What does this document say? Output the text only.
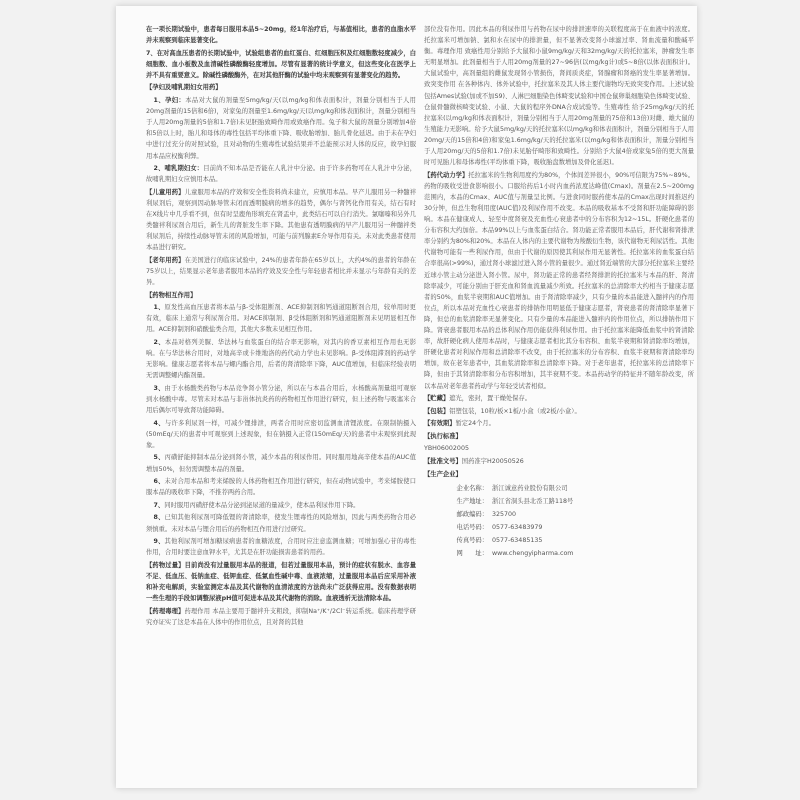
在一项长期试验中，患者每日服用本品5~20mg，经1年治疗后，与基值相比，患者的血脂水平并未观察到临床显著变化。

7、在对高血压患者的长期试验中，试验组患者的血红蛋白、红细胞压积及红细胞数轻度减少，白细胞数、血小板数及血清碱性磷酸酶轻度增加。尽管有显著的统计学意义，但这些变化在医学上并不具有重要意义。除碱性磷酸酶外，在对其他肝酶的试验中均未观察到有显著变化的趋势。

【孕妇及哺乳期妇女用药】

1、孕妇：本品对大鼠的剂量至5mg/kg/天(以mg/kg和体表面积计，剂量分别相当于人用20mg剂量的15倍和6倍)，对家兔的剂量至1.6mg/kg/天(以mg/kg和体表面积计，剂量分别相当于人用20mg剂量的5倍和1.7倍)未见胚胎致畸作用或致癌作用。兔子和大鼠的剂量分别增加4倍和5倍以上时，胎儿和母体的毒性包括平均体重下降、吸收胎增加、胎儿骨化延迟。由于未在孕妇中进行过充分的对照试验，且对动物的生殖毒性试验结果并不总能预示对人体的反应，故孕妇服用本品应权衡利弊。

2、哺乳期妇女：目前尚不知本品是否能在人乳汁中分泌。由于许多药物可在人乳汁中分泌，故哺乳期妇女应慎用本品。

【儿童用药】儿童服用本品的疗效和安全性资料尚未建立，应慎用本品。早产儿服用另一种髓袢利尿剂后，观察到因动脉导管未闭而透明膜病的增多的趋势，偶尔与肾钙化作用有关，结石有时在X线片中几乎看不到，但有时呈鹿角形填充在肾盂中，此类结石可以自行消失。氯噻嗪和另外几类髓袢利尿剂合用后，新生儿的肾脏发生率下降。其他患有透明膜病的早产儿服用另一种髓袢类利尿剂后，持续性动脉导管未闭的风险增加，可能与前列腺素E介导作用有关。未对此类患者使用本品进行研究。

【老年用药】在美国进行的临床试验中，24%的患者年龄在65岁以上，大约4%的患者的年龄在75岁以上，结果显示老年患者服用本品的疗效及安全性与年轻患者相比并未显示与年龄有关的差异。

【药物相互作用】

1、原发性高血压患者将本品与β-受体阻断剂、ACE抑制剂和钙通道阻断剂合用，较单用时更有效，临床上通常与利尿剂合用。对ACE抑制剂、β受体阻断剂和钙通道阻断剂未见明显相互作用。ACE抑制剂和硝酸盐类合用，其他大多数未见相互作用。

2、本品对格列美脲、华法林与血浆蛋白的结合率无影响，对其内的香豆素相互作用也无影响。在与华法林合用时，对地高辛或卡维地洛的药代动力学也未见影响。β-受体阻滞剂的药动学无影响。健康志愿者将本品与螺内酯合用，后者的肾清除率下降，AUC值增加，但临床经验表明无需调整螺内酯剂量。

3、由于水杨酸类药物与本品竞争肾小管分泌，所以在与本品合用后，水杨酸高剂量组可观察到水杨酸中毒。尽管未对本品与非甾体抗炎药的药物相互作用进行研究，但上述药物与吸塞米合用后偶尔可导致肾功能障碍。

4、与许多利尿剂一样，可减少锂排泄，两者合用时应密切监测血清锂浓度。在限制钠摄入(50mEq/天)的患者中可观察到上述现象，但在钠摄入正常(150mEq/天)的患者中未观察到此现象。

5、丙磺舒能抑制本品分泌到肾小管，减少本品的利尿作用。同时服用地高辛使本品的AUC值增加50%，但勿需调整本品的剂量。

6、未对合用本品和考来烯胺的人体药物相互作用进行研究，但在动物试验中，考来烯胺使口服本品的吸收率下降，不推荐两药合用。

7、同时服用丙磺舒使本品分泌到泌尿道的量减少，使本品利尿作用下降。

8、已知其他利尿剂可降低锂的肾清除率，使发生锂毒性的风险增加，因此与两类药物合用必须慎重。未对本品与锂合用后的药物相互作用进行过研究。

9、其他利尿剂可增加糖尿病患者的血糖浓度，合用时应注意监测血糖；可增加强心苷的毒性作用，合用时要注意血钾水平，尤其是在肝功能损害患者的用药。

【药物过量】目前尚没有过量服用本品的报道，但若过量服用本品，预计的症状有脱水、血容量不足、低血压、低钠血症、低钾血症、低氯血性碱中毒、血液浓缩，过量服用本品后应采用补液和补充电解质，实验室测定本品及其代谢物的血清浓度的方法尚未广泛获得应用。没有数据表明一些生理的手段如调整尿液pH值可促进本品及其代谢物的消除。血液透析无法清除本品。

【药理毒理】药理作用 本品主要用于髓袢升支粗段，抑制Na⁺/K⁺/2Cl⁻转运系统。临床药理学研究亦证实了这是本品在人体中的作用位点，且对肾的其他

部位没有作用。因此本品的利尿作用与药物在尿中的排泄速率的关联程度高于在血液中的浓度。托拉塞米可增加钠、氯和水在尿中的排泄量，但不显著改变肾小球滤过率、肾血流量和酸碱平衡。毒理作用 致癌性用分别给予大鼠和小鼠9mg/kg/天和32mg/kg/天的托拉塞米，肿瘤发生率无明显增加。此剂量相当于人用20mg剂量的27~96倍(以mg/kg计)或5~8倍(以体表面积计)。大鼠试验中，高剂量组的雌鼠发现肾小管损伤，肾间质炎症，肾腺瘤和肾癌的发生率显著增加。致突变作用 在各种体内、体外试验中，托拉塞米及其人体主要代谢物均无致突变作用。上述试验包括Ames试验(加或不加S9)、人淋巴细胞染色体畸变试验和中国仓鼠卵巢细胞染色体畸变试验、仓鼠骨髓微核畸变试验、小鼠、大鼠的程序外DNA合成试验等。生殖毒性 给予25mg/kg/天的托拉塞米(以mg/kg和体表面积计，剂量分别相当于人用20mg剂量的75倍和13倍)对雌、雄大鼠的生殖能力无影响。给予大鼠5mg/kg/天的托拉塞米(以mg/kg和体表面积计，剂量分别相当于人用20mg/天的15倍和4倍)和家兔1.6mg/kg/天的托拉塞米(以mg/kg和体表面积计，剂量分别相当于人用20mg/天的5倍和1.7倍)未见胎仔畸形和致畸性。分别给予大鼠4倍或家兔5倍的更大剂量时可见胎儿和母体毒性(平均体重下降，吸收胎盘数增加及骨化延迟)。

【药代动力学】托拉塞米的生物利用度约为80%，个体间差异很小，90%可信限为75%~89%。药物的吸收受进食影响很小。口服给药后1小时内血药浓度达峰值(Cmax)。剂量在2.5~200mg范围内，本品的Cmax、AUC值与剂量呈比例。与进食同时服药使本品的Cmax出现时间推迟约30分钟，但总生物利用度(AUC值)及利尿作用不改变。本品的吸收基本不受肾和肝功能障碍的影响。本品在健康成人、轻至中度肾衰及充血性心衰患者中的分布容积为12~15L。肝硬化患者的分布容积大约加倍。本品99%以上与血浆蛋白结合。肾功能正常者服用本品后，肝代谢和肾排泄率分别约为80%和20%。本品在人体内的主要代谢物为羧酸衍生物，该代谢物无利尿活性。其他代谢物可能有一些利尿作用，但由于代谢的原因使其利尿作用无显著性。托拉塞米的血浆蛋白结合率很高(>99%)，通过肾小球滤过进入肾小管的量很少。通过肾近端管的大部分托拉塞米主要经近球小管主动分泌进入肾小管。尿中，肾功能正常的患者经肾排泄的托拉塞米与本品的肝、肾清除率减少，可能分别由于肝充血和肾血流量减少所致。托拉塞米的总清除率大约相当于健康志愿者的50%，血浆半衰期和AUC值增加。由于肾清除率减少，只有少量的本品能进入髓袢内的作用位点，所以本品对充血性心衰患者的排钠作用明显低于健康志愿者，肾衰患者的肾清除率显著下降，但总的血浆清除率无显著变化。只有少量的本品能进入髓袢内的作用位点，所以排钠作用下降。肾衰患者服用本品的总体利尿作用仍能获得利尿作用。由于托拉塞米能降低血浆中的肾清除率，故肝硬化病人使用本品时，与健康志愿者相比其分布容积、血浆半衰期和肾清除率均增加，肝硬化患者对利尿作用和总清除率不改变，由于托拉塞米的分布容积、血浆半衰期和肾清除率均增加，故在老年患者中，其血浆清除率和总清除率下降。对于老年患者，托拉塞米的总清除率下降，但由于其肾清除率和分布容积增加，其半衰期不变。本品药动学的特征并不随年龄改变，所以本品对老年患者药动学与年轻受试者相似。

【贮藏】遮光，密封，置干燥处保存。

【包装】铝塑包装，10粒/板×1板/小盒（或2板/小盒）。

【有效期】暂定24个月。

【执行标准】

YBH06002005

【批准文号】国药准字H20050526

【生产企业】

企业名称： 浙江诚意药业股份有限公司
生产地址： 浙江省洞头县北岙工路118号
邮政编码： 325700
电话号码： 0577-63483979
传真号码： 0577-63485135
网　　址： www.chengyipharma.com
